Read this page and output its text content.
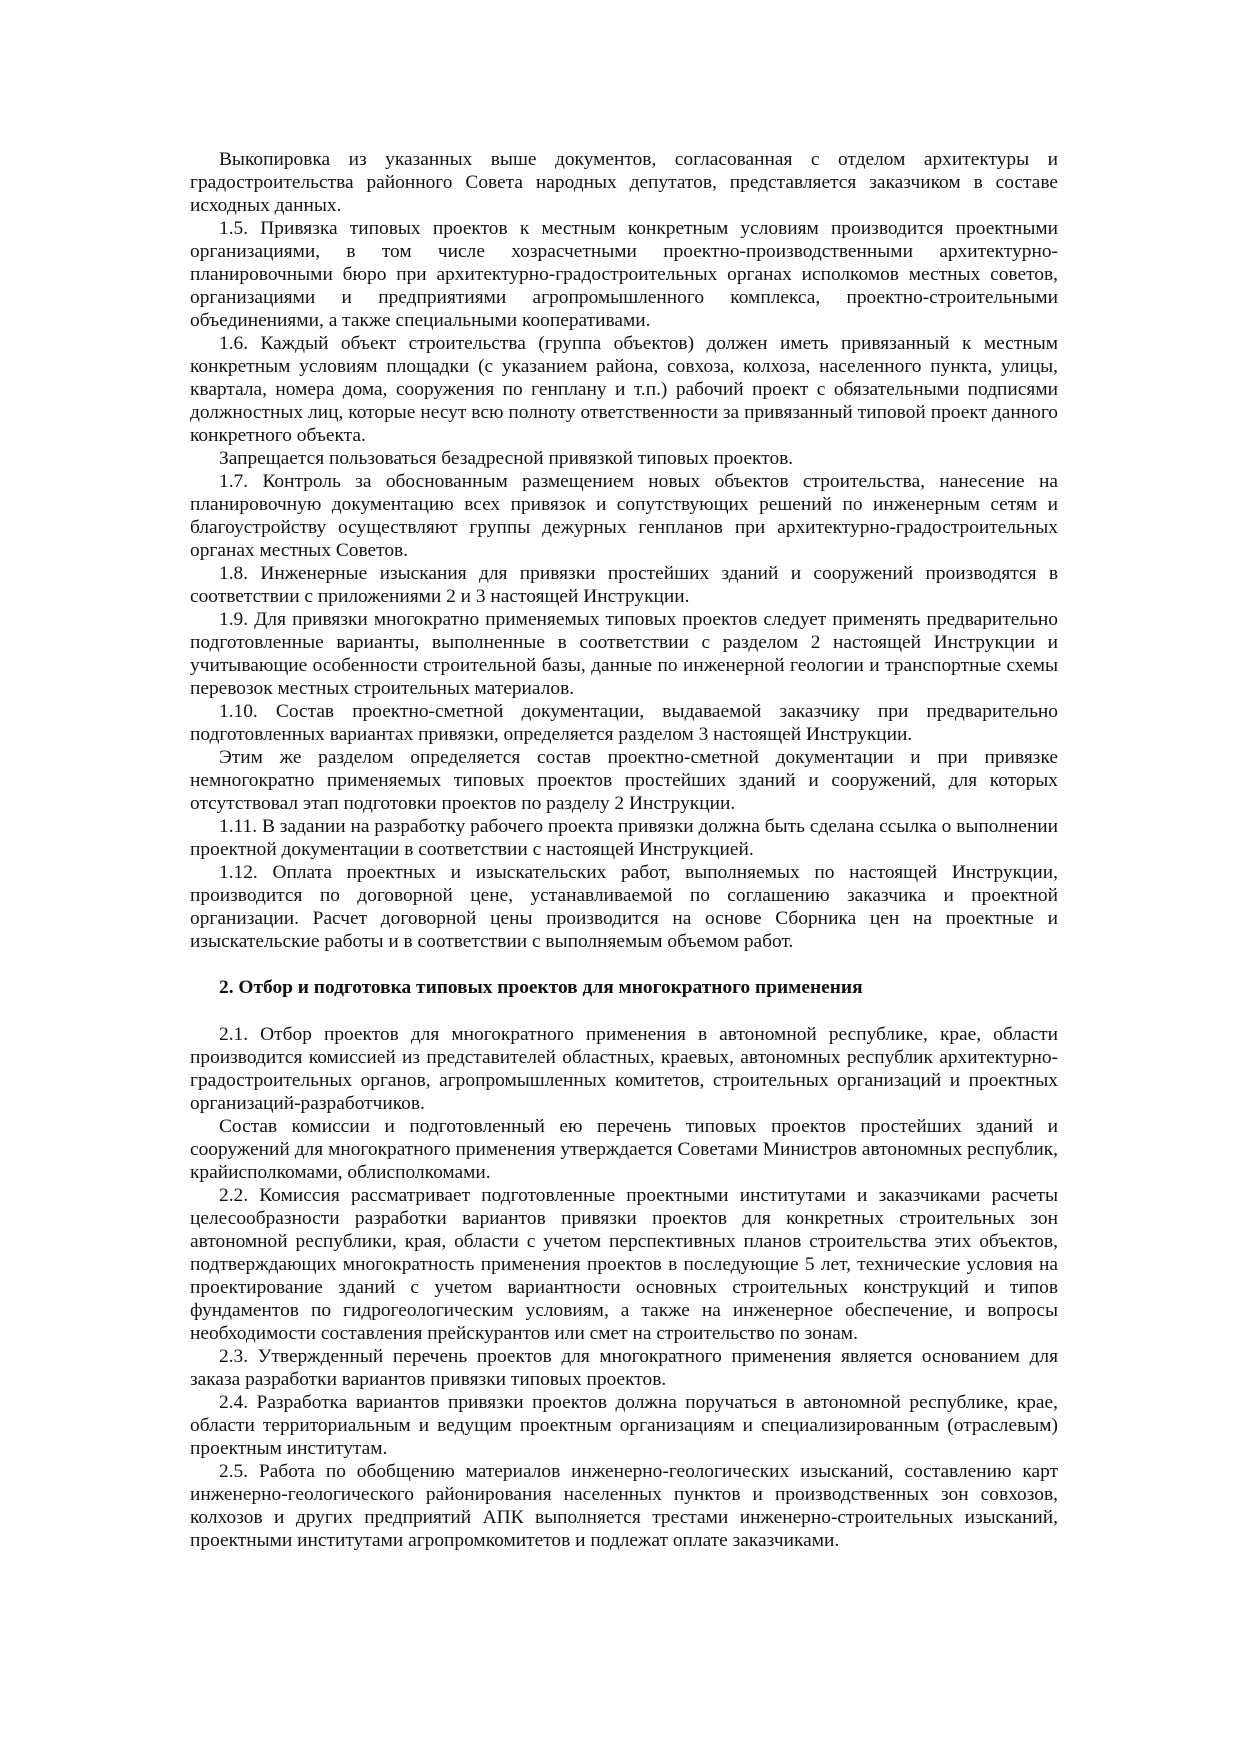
Выкопировка из указанных выше документов, согласованная с отделом архитектуры и градостроительства районного Совета народных депутатов, представляется заказчиком в составе исходных данных.

1.5. Привязка типовых проектов к местным конкретным условиям производится проектными организациями, в том числе хозрасчетными проектно-производственными архитектурно-планировочными бюро при архитектурно-градостроительных органах исполкомов местных советов, организациями и предприятиями агропромышленного комплекса, проектно-строительными объединениями, а также специальными кооперативами.

1.6. Каждый объект строительства (группа объектов) должен иметь привязанный к местным конкретным условиям площадки (с указанием района, совхоза, колхоза, населенного пункта, улицы, квартала, номера дома, сооружения по генплану и т.п.) рабочий проект с обязательными подписями должностных лиц, которые несут всю полноту ответственности за привязанный типовой проект данного конкретного объекта.

Запрещается пользоваться безадресной привязкой типовых проектов.

1.7. Контроль за обоснованным размещением новых объектов строительства, нанесение на планировочную документацию всех привязок и сопутствующих решений по инженерным сетям и благоустройству осуществляют группы дежурных генпланов при архитектурно-градостроительных органах местных Советов.

1.8. Инженерные изыскания для привязки простейших зданий и сооружений производятся в соответствии с приложениями 2 и 3 настоящей Инструкции.

1.9. Для привязки многократно применяемых типовых проектов следует применять предварительно подготовленные варианты, выполненные в соответствии с разделом 2 настоящей Инструкции и учитывающие особенности строительной базы, данные по инженерной геологии и транспортные схемы перевозок местных строительных материалов.

1.10. Состав проектно-сметной документации, выдаваемой заказчику при предварительно подготовленных вариантах привязки, определяется разделом 3 настоящей Инструкции.

Этим же разделом определяется состав проектно-сметной документации и при привязке немногократно применяемых типовых проектов простейших зданий и сооружений, для которых отсутствовал этап подготовки проектов по разделу 2 Инструкции.

1.11. В задании на разработку рабочего проекта привязки должна быть сделана ссылка о выполнении проектной документации в соответствии с настоящей Инструкцией.

1.12. Оплата проектных и изыскательских работ, выполняемых по настоящей Инструкции, производится по договорной цене, устанавливаемой по соглашению заказчика и проектной организации. Расчет договорной цены производится на основе Сборника цен на проектные и изыскательские работы и в соответствии с выполняемым объемом работ.

2. Отбор и подготовка типовых проектов для многократного применения

2.1. Отбор проектов для многократного применения в автономной республике, крае, области производится комиссией из представителей областных, краевых, автономных республик архитектурно-градостроительных органов, агропромышленных комитетов, строительных организаций и проектных организаций-разработчиков.

Состав комиссии и подготовленный ею перечень типовых проектов простейших зданий и сооружений для многократного применения утверждается Советами Министров автономных республик, крайисполкомами, облисполкомами.

2.2. Комиссия рассматривает подготовленные проектными институтами и заказчиками расчеты целесообразности разработки вариантов привязки проектов для конкретных строительных зон автономной республики, края, области с учетом перспективных планов строительства этих объектов, подтверждающих многократность применения проектов в последующие 5 лет, технические условия на проектирование зданий с учетом вариантности основных строительных конструкций и типов фундаментов по гидрогеологическим условиям, а также на инженерное обеспечение, и вопросы необходимости составления прейскурантов или смет на строительство по зонам.

2.3. Утвержденный перечень проектов для многократного применения является основанием для заказа разработки вариантов привязки типовых проектов.

2.4. Разработка вариантов привязки проектов должна поручаться в автономной республике, крае, области территориальным и ведущим проектным организациям и специализированным (отраслевым) проектным институтам.

2.5. Работа по обобщению материалов инженерно-геологических изысканий, составлению карт инженерно-геологического районирования населенных пунктов и производственных зон совхозов, колхозов и других предприятий АПК выполняется трестами инженерно-строительных изысканий, проектными институтами агропромкомитетов и подлежат оплате заказчиками.
